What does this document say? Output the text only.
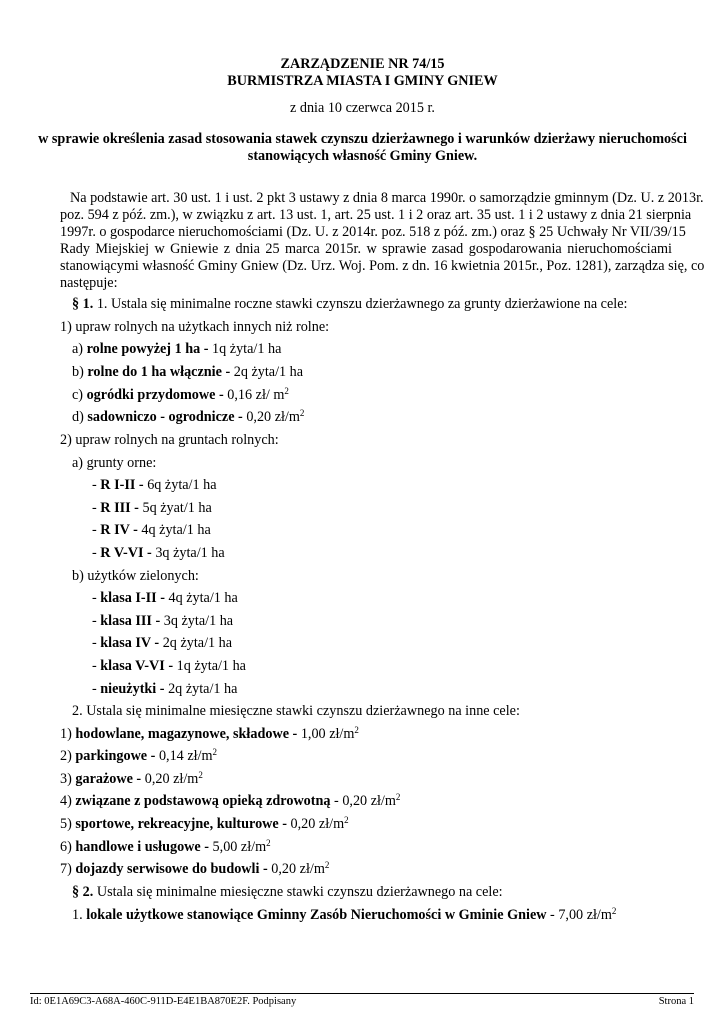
ZARZĄDZENIE NR 74/15
BURMISTRZA MIASTA I GMINY GNIEW
z dnia 10 czerwca 2015 r.
w sprawie określenia zasad stosowania stawek czynszu dzierżawnego i warunków dzierżawy nieruchomości
stanowiących własność Gminy Gniew.
Na podstawie art. 30 ust. 1 i ust. 2 pkt 3 ustawy z dnia 8 marca 1990r. o samorządzie gminnym (Dz. U. z 2013r.
poz. 594 z póź. zm.), w związku z art. 13 ust. 1, art. 25 ust. 1 i 2 oraz art. 35 ust. 1 i 2 ustawy z dnia 21 sierpnia
1997r. o gospodarce nieruchomościami (Dz. U. z 2014r. poz. 518 z póź. zm.) oraz § 25 Uchwały Nr VII/39/15
Rady Miejskiej w Gniewie z dnia 25 marca 2015r. w sprawie zasad gospodarowania nieruchomościami
stanowiącymi własność Gminy Gniew (Dz. Urz. Woj. Pom. z dn. 16 kwietnia 2015r., Poz. 1281), zarządza się, co
następuje:
§ 1. 1. Ustala się minimalne roczne stawki czynszu dzierżawnego za grunty dzierżawione na cele:
1) upraw rolnych na użytkach innych niż rolne:
a) rolne powyżej 1 ha - 1q żyta/1 ha
b) rolne do 1 ha włącznie - 2q żyta/1 ha
c) ogródki przydomowe - 0,16 zł/ $m^2$
d) sadowniczo - ogrodnicze - 0,20 $zł/m^2$
2) upraw rolnych na gruntach rolnych:
a) grunty orne:
- R I-II - 6q żyta/1 ha
- R III - 5q żyat/1 ha
- R IV - 4q żyta/1 ha
- R V-VI - 3q żyta/1 ha
b) użytków zielonych:
- klasa I-II - 4q żyta/1 ha
- klasa III - 3q żyta/1 ha
- klasa IV - 2q żyta/1 ha
- klasa V-VI - 1q żyta/1 ha
- nieużytki - 2q żyta/1 ha
2. Ustala się minimalne miesięczne stawki czynszu dzierżawnego na inne cele:
1) hodowlane, magazynowe, składowe - 1,00 $zł/m^2$
2) parkingowe - 0,14 $zł/m^2$
3) garażowe - 0,20 $zł/m^2$
4) związane z podstawową opieką zdrowotną - 0,20 $zł/m^2$
5) sportowe, rekreacyjne, kulturowe - 0,20 $zł/m^2$
6) handlowe i usługowe - 5,00 $zł/m^2$
7) dojazdy serwisowe do budowli - 0,20 $zł/m^2$
§ 2. Ustala się minimalne miesięczne stawki czynszu dzierżawnego na cele:
1. lokale użytkowe stanowiące Gminny Zasób Nieruchomości w Gminie Gniew - 7,00 $zł/m^2$
Id: 0E1A69C3-A68A-460C-911D-E4E1BA870E2F. Podpisany	Strona 1
